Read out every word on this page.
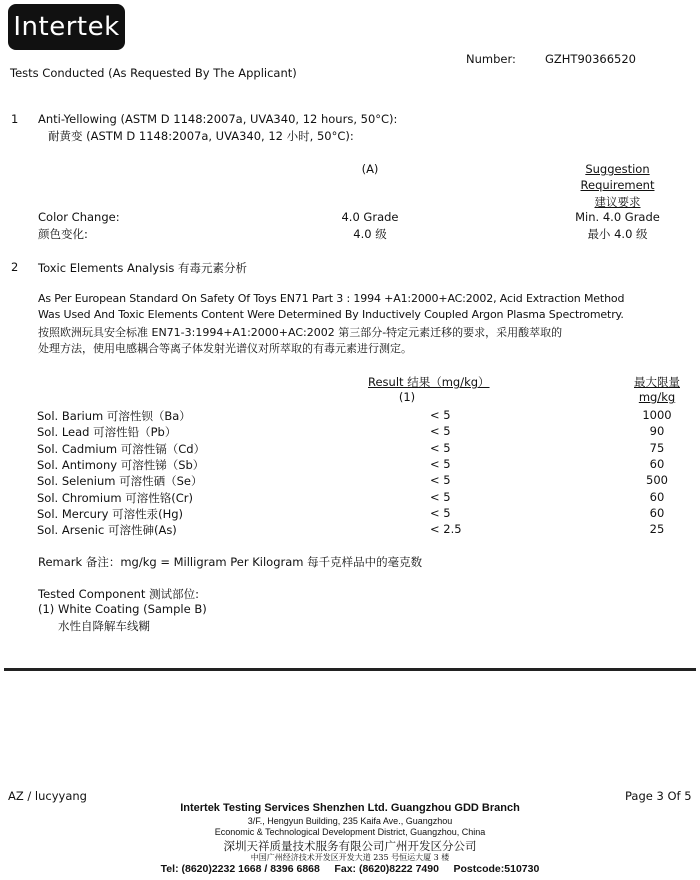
Intertek
Number:	GZHT90366520
Tests Conducted (As Requested By The Applicant)
1 Anti-Yellowing (ASTM D 1148:2007a, UVA340, 12 hours, 50°C):
耐黄变 (ASTM D 1148:2007a, UVA340, 12 小时, 50°C):
(A)	Suggestion
Requirement
建议要求
Color Change:	4.0 Grade	Min. 4.0 Grade
颜色变化:	4.0 级	最小 4.0 级
2 Toxic Elements Analysis 有毒元素分析
As Per European Standard On Safety Of Toys EN71 Part 3 : 1994 +A1:2000+AC:2002, Acid Extraction Method
Was Used And Toxic Elements Content Were Determined By Inductively Coupled Argon Plasma Spectrometry.
按照欧洲玩具安全标准 EN71-3:1994+A1:2000+AC:2002 第三部分-特定元素迁移的要求，采用酸萃取的
处理方法，使用电感耦合等离子体发射光谱仪对所萃取的有毒元素进行测定。
Result 结果（mg/kg）
(1)
最大限量
mg/kg
Sol. Barium 可溶性钡（Ba）	< 5	1000
Sol. Lead 可溶性铅（Pb）	< 5	90
Sol. Cadmium 可溶性镉（Cd）	< 5	75
Sol. Antimony 可溶性锑（Sb）	< 5	60
Sol. Selenium 可溶性硒（Se）	< 5	500
Sol. Chromium 可溶性铬(Cr)	< 5	60
Sol. Mercury 可溶性汞(Hg)	< 5	60
Sol. Arsenic 可溶性砷(As)	< 2.5	25
Remark 备注：mg/kg = Milligram Per Kilogram 每千克样品中的毫克数
Tested Component 测试部位:
(1) White Coating (Sample B)
水性自降解车线糊
AZ / lucyyang	Page 3 Of 5
Intertek Testing Services Shenzhen Ltd. Guangzhou GDD Branch
3/F., Hengyun Building, 235 Kaifa Ave., Guangzhou
Economic & Technological Development District, Guangzhou, China
深圳天祥质量技术服务有限公司广州开发区分公司
中国广州经济技术开发区开发大道 235 号恒运大厦 3 楼
Tel: (8620)2232 1668 / 8396 6868     Fax: (8620)8222 7490     Postcode:510730
